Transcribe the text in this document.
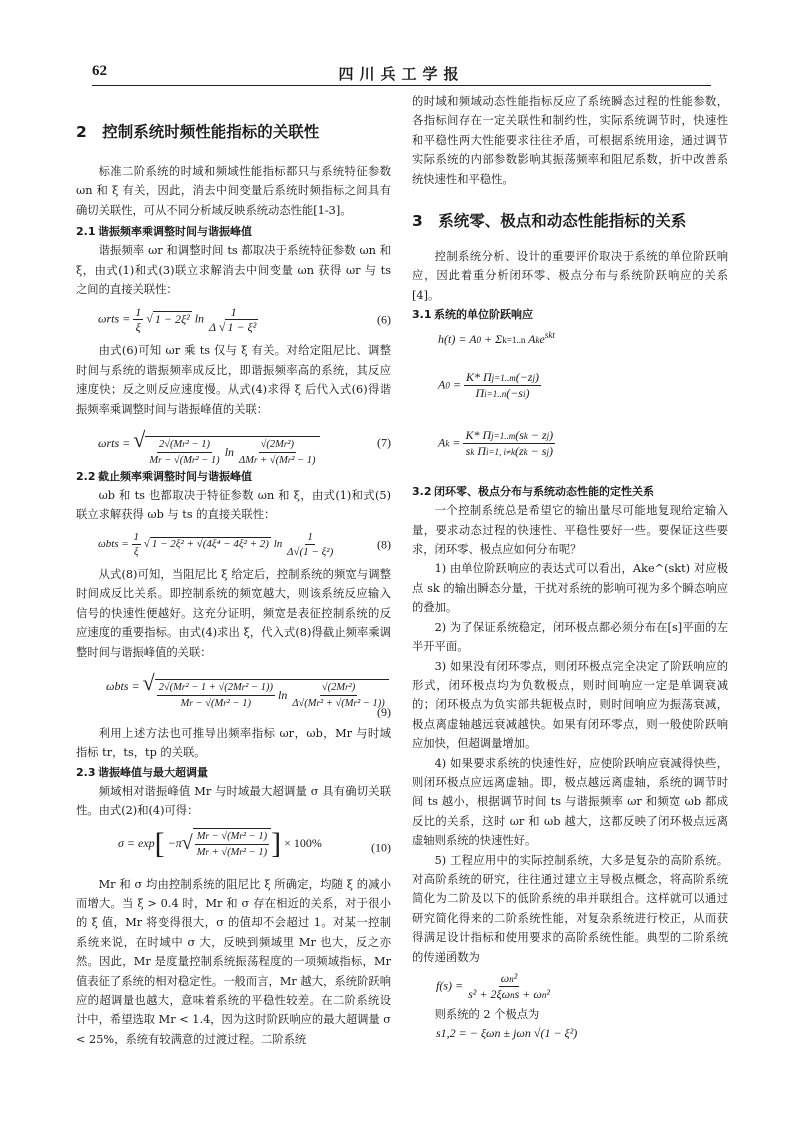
62	四川兵工学报
2　控制系统时频性能指标的关联性

标准二阶系统的时域和频域性能指标都只与系统特征参数 ωn 和 ξ 有关，因此，消去中间变量后系统时频指标之间具有确切关联性，可从不同分析域反映系统动态性能[1-3]。

2.1 谐振频率乘调整时间与谐振峰值

谐振频率 ωr 和调整时间 ts 都取决于系统特征参数 ωn 和 ξ，由式(1)和式(3)联立求解消去中间变量 ωn 获得 ωr 与 ts 之间的直接关联性：

$\omega rts = \frac{1}{\xi}$ √ 1 − 2ξ² $\ln \frac{1}{\text{Δ √ 1 − ξ²}}$	(6)

由式(6)可知 ωr 乘 ts 仅与 ξ 有关。对给定阻尼比、调整时间与系统的谐振频率成反比，即谐振频率高的系统，其反应速度快；反之则反应速度慢。从式(4)求得 ξ 后代入式(6)得谐振频率乘调整时间与谐振峰值的关联：

ωrts = √ $\frac{\text{2√(Mr² − 1)}}{\text{Mr − √(Mr² − 1)}}$ $\ln \frac{\text{√(2Mr²)}}{\text{ΔMr + √(Mr² − 1)}}$	(7)
2.2 截止频率乘调整时间与谐振峰值

ωb 和 ts 也都取决于特征参数 ωn 和 ξ，由式(1)和式(5)联立求解获得 ωb 与 ts 的直接关联性：

$\omega bts = \frac{1}{\xi}$ √ 1 − 2ξ² + √(4ξ⁴ − 4ξ² + 2) $\ln \frac{1}{\text{Δ√(1 − ξ²)}}$	(8)

从式(8)可知，当阻尼比 ξ 给定后，控制系统的频宽与调整时间成反比关系。即控制系统的频宽越大，则该系统反应输入信号的快速性便越好。这充分证明，频宽是表征控制系统的反应速度的重要指标。由式(4)求出 ξ，代入式(8)得截止频率乘调整时间与谐振峰值的关联：

ωbts = √ $\frac{\text{2√(Mr² − 1 + √(2Mr² − 1))}}{\text{Mr − √(Mr² − 1)}}$ $\ln \frac{\text{√(2Mr²)}}{\text{Δ√(Mr² + √(Mr² − 1))}}$
(9)

利用上述方法也可推导出频率指标 ωr，ωb，Mr 与时域指标 tr，ts，tp 的关联。

2.3 谐振峰值与最大超调量

频域相对谐振峰值 Mr 与时域最大超调量 σ 具有确切关联性。由式(2)和(4)可得：

σ = exp [ −π √ $\frac{\text{Mr − √(Mr² − 1)}}{\text{Mr + √(Mr² − 1)}}$ ]
× 100%	(10)

Mr 和 σ 均由控制系统的阻尼比 ξ 所确定，均随 ξ 的减小而增大。当 ξ > 0.4 时，Mr 和 σ 存在相近的关系，对于很小的 ξ 值，Mr 将变得很大，σ 的值却不会超过 1。对某一控制系统来说，在时域中 σ 大，反映到频域里 Mr 也大，反之亦然。因此，Mr 是度量控制系统振荡程度的一项频域指标，Mr 值表征了系统的相对稳定性。一般而言，Mr 越大，系统阶跃响应的超调量也越大，意味着系统的平稳性较差。在二阶系统设计中，希望选取 Mr < 1.4，因为这时阶跃响应的最大超调量 σ < 25%，系统有较满意的过渡过程。二阶系统

的时域和频域动态性能指标反应了系统瞬态过程的性能参数，各指标间存在一定关联性和制约性，实际系统调节时，快速性和平稳性两大性能要求往往矛盾，可根据系统用途，通过调节实际系统的内部参数影响其振荡频率和阻尼系数，折中改善系统快速性和平稳性。

3　系统零、极点和动态性能指标的关系

控制系统分析、设计的重要评价取决于系统的单位阶跃响应，因此着重分析闭环零、极点分布与系统阶跃响应的关系[4]。

3.1 系统的单位阶跃响应
h(t) = A0 + Σk=1..n Ake$^{skt}$
$A0 = \frac{K* \Pi j=1..m(-zj)}{\Pi i=1..n(-si)}$
$Ak = \frac{K* \Pi j=1..m(sk - zj)}{\text{sk Πi=1, i≠k(zk − sj)}}$
3.2 闭环零、极点分布与系统动态性能的定性关系

一个控制系统总是希望它的输出量尽可能地复现给定输入量，要求动态过程的快速性、平稳性要好一些。要保证这些要求，闭环零、极点应如何分布呢？

1) 由单位阶跃响应的表达式可以看出，Ake^(skt) 对应极点 sk 的输出瞬态分量，干扰对系统的影响可视为多个瞬态响应的叠加。

2) 为了保证系统稳定，闭环极点都必须分布在[s]平面的左半开平面。

3) 如果没有闭环零点，则闭环极点完全决定了阶跃响应的形式，闭环极点均为负数极点，则时间响应一定是单调衰减的；闭环极点为负实部共轭极点时，则时间响应为振荡衰减，极点离虚轴越远衰减越快。如果有闭环零点，则一般使阶跃响应加快，但超调量增加。

4) 如果要求系统的快速性好，应使阶跃响应衰减得快些，则闭环极点应远离虚轴。即，极点越远离虚轴，系统的调节时间 ts 越小，根据调节时间 ts 与谐振频率 ωr 和频宽 ωb 都成反比的关系，这时 ωr 和 ωb 越大，这都反映了闭环极点远离虚轴则系统的快速性好。

5) 工程应用中的实际控制系统，大多是复杂的高阶系统。对高阶系统的研究，往往通过建立主导极点概念，将高阶系统简化为二阶及以下的低阶系统的串并联组合。这样就可以通过研究简化得来的二阶系统性能，对复杂系统进行校正，从而获得满足设计指标和使用要求的高阶系统性能。典型的二阶系统的传递函数为

$f(s) = \frac{\text{ωn²}}{\text{s² + 2ξωns + ωn²}}$

则系统的 2 个极点为

s1,2 = − ξωn ± jωn √(1 − ξ²)
